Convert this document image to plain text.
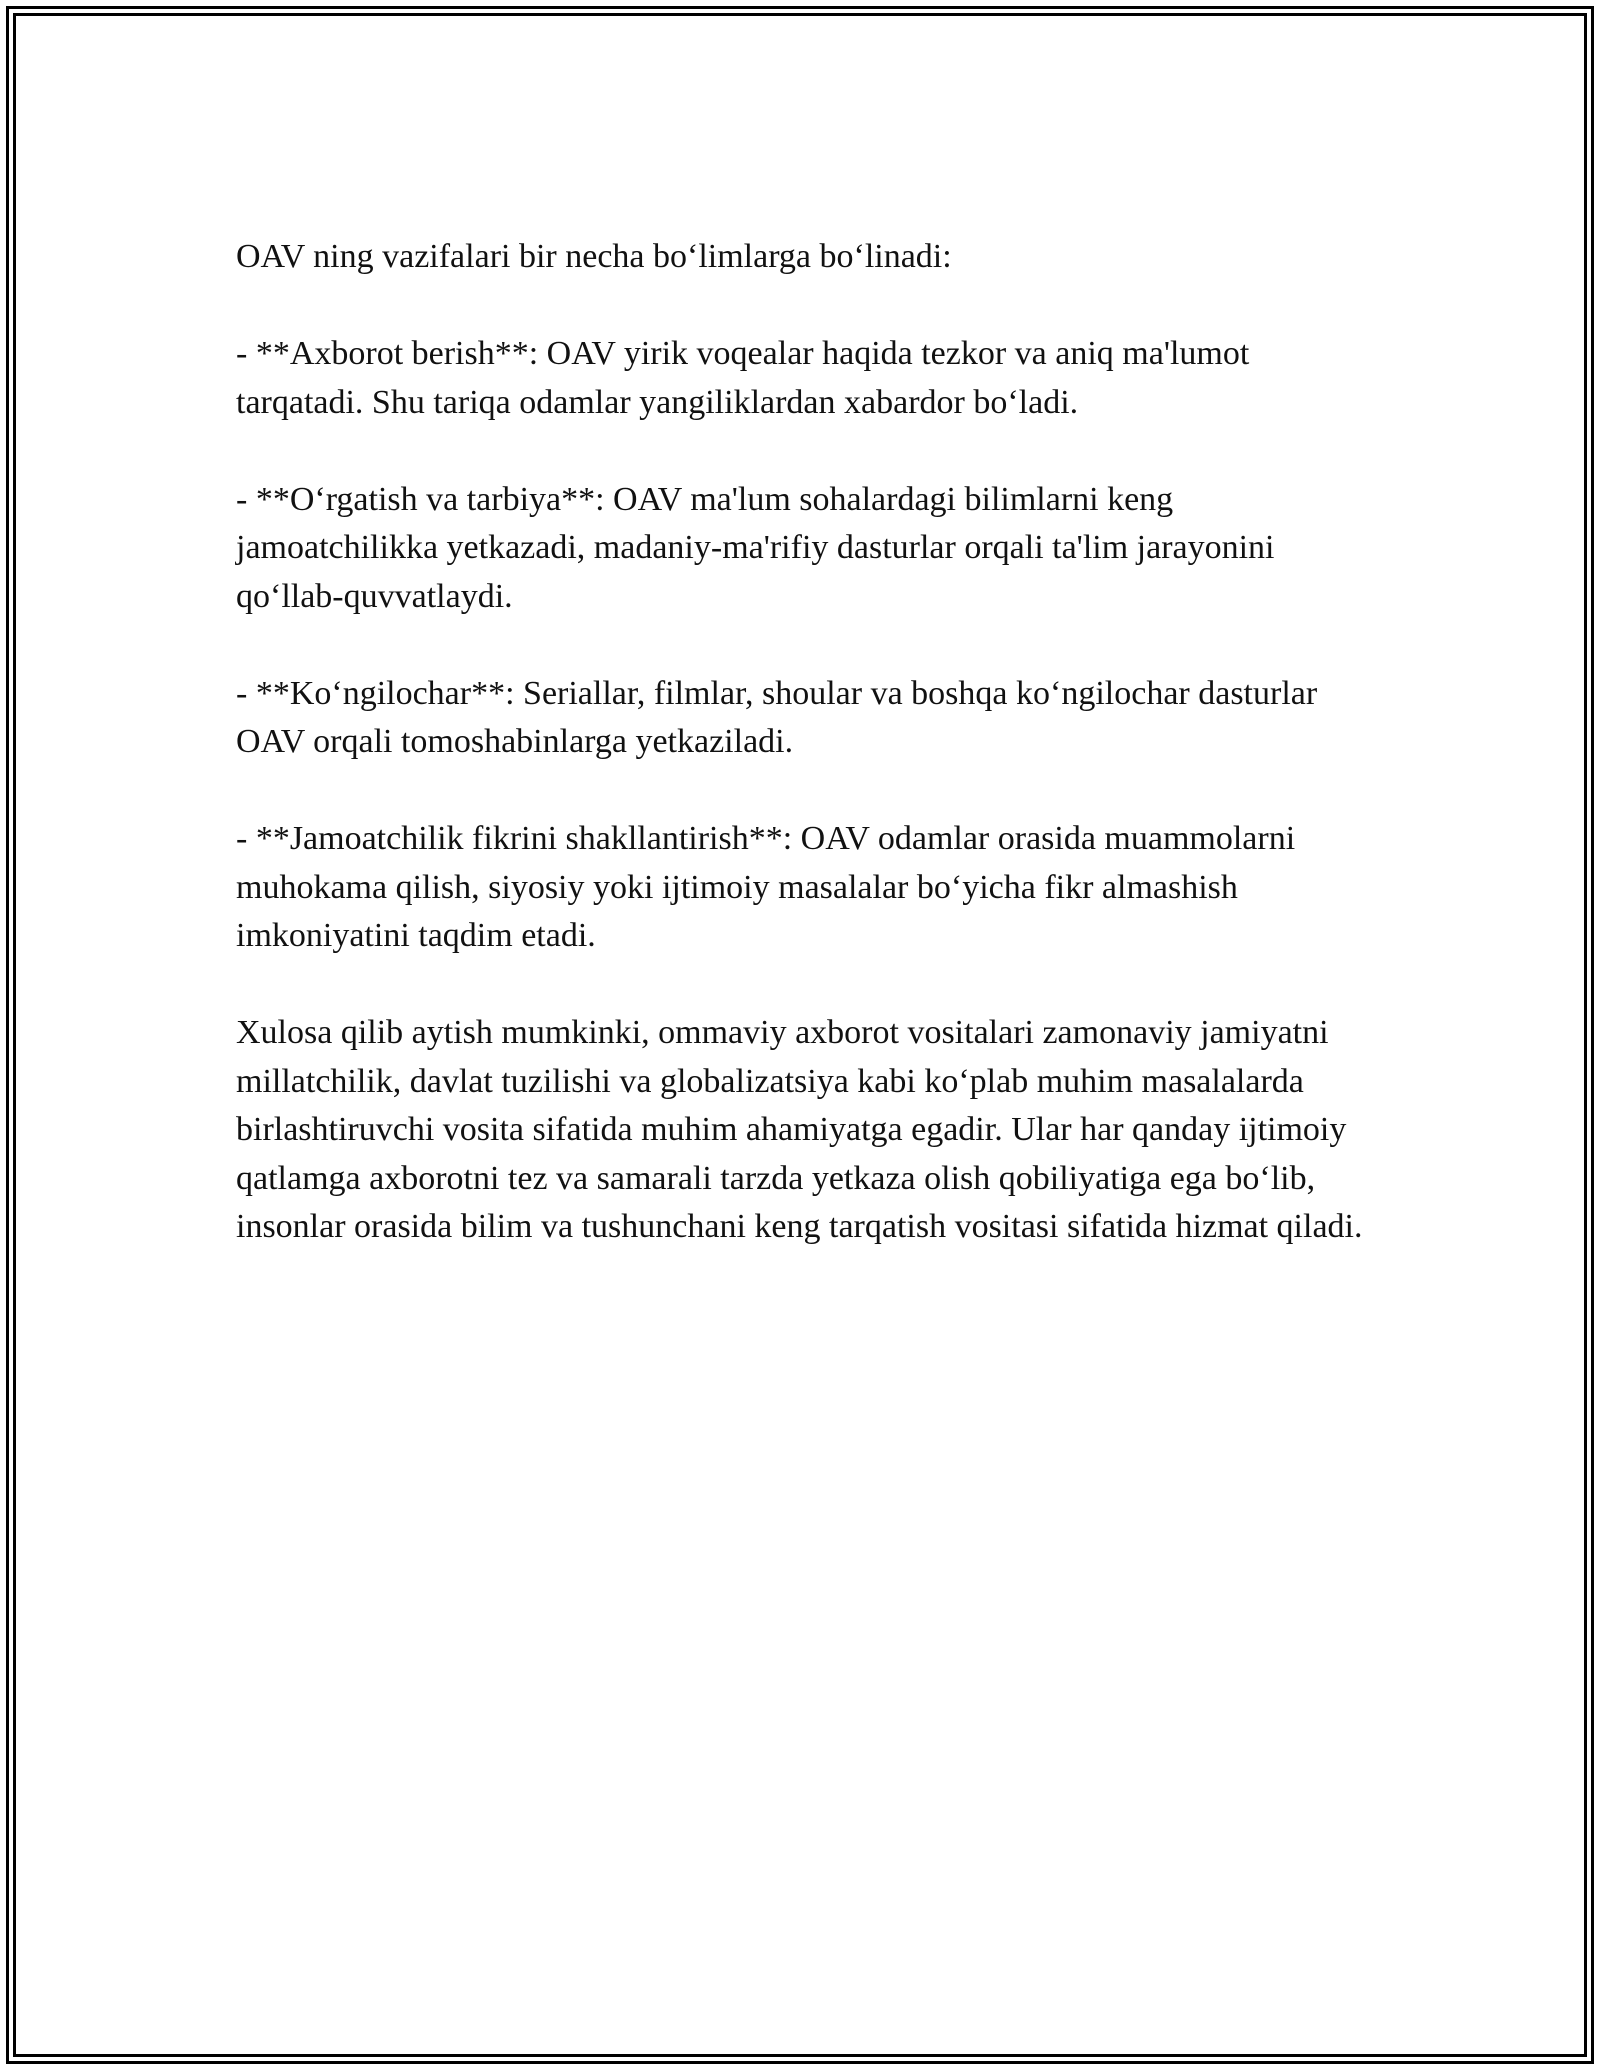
OAV ning vazifalari bir necha bo‘limlarga bo‘linadi:

- **Axborot berish**: OAV yirik voqealar haqida tezkor va aniq ma'lumot tarqatadi. Shu tariqa odamlar yangiliklardan xabardor bo‘ladi.

- **O‘rgatish va tarbiya**: OAV ma'lum sohalardagi bilimlarni keng jamoatchilikka yetkazadi, madaniy-ma'rifiy dasturlar orqali ta'lim jarayonini qo‘llab-quvvatlaydi.

- **Ko‘ngilochar**: Seriallar, filmlar, shoular va boshqa ko‘ngilochar dasturlar OAV orqali tomoshabinlarga yetkaziladi.

- **Jamoatchilik fikrini shakllantirish**: OAV odamlar orasida muammolarni muhokama qilish, siyosiy yoki ijtimoiy masalalar bo‘yicha fikr almashish imkoniyatini taqdim etadi.

Xulosa qilib aytish mumkinki, ommaviy axborot vositalari zamonaviy jamiyatni millatchilik, davlat tuzilishi va globalizatsiya kabi ko‘plab muhim masalalarda birlashtiruvchi vosita sifatida muhim ahamiyatga egadir. Ular har qanday ijtimoiy qatlamga axborotni tez va samarali tarzda yetkaza olish qobiliyatiga ega bo‘lib, insonlar orasida bilim va tushunchani keng tarqatish vositasi sifatida hizmat qiladi.
